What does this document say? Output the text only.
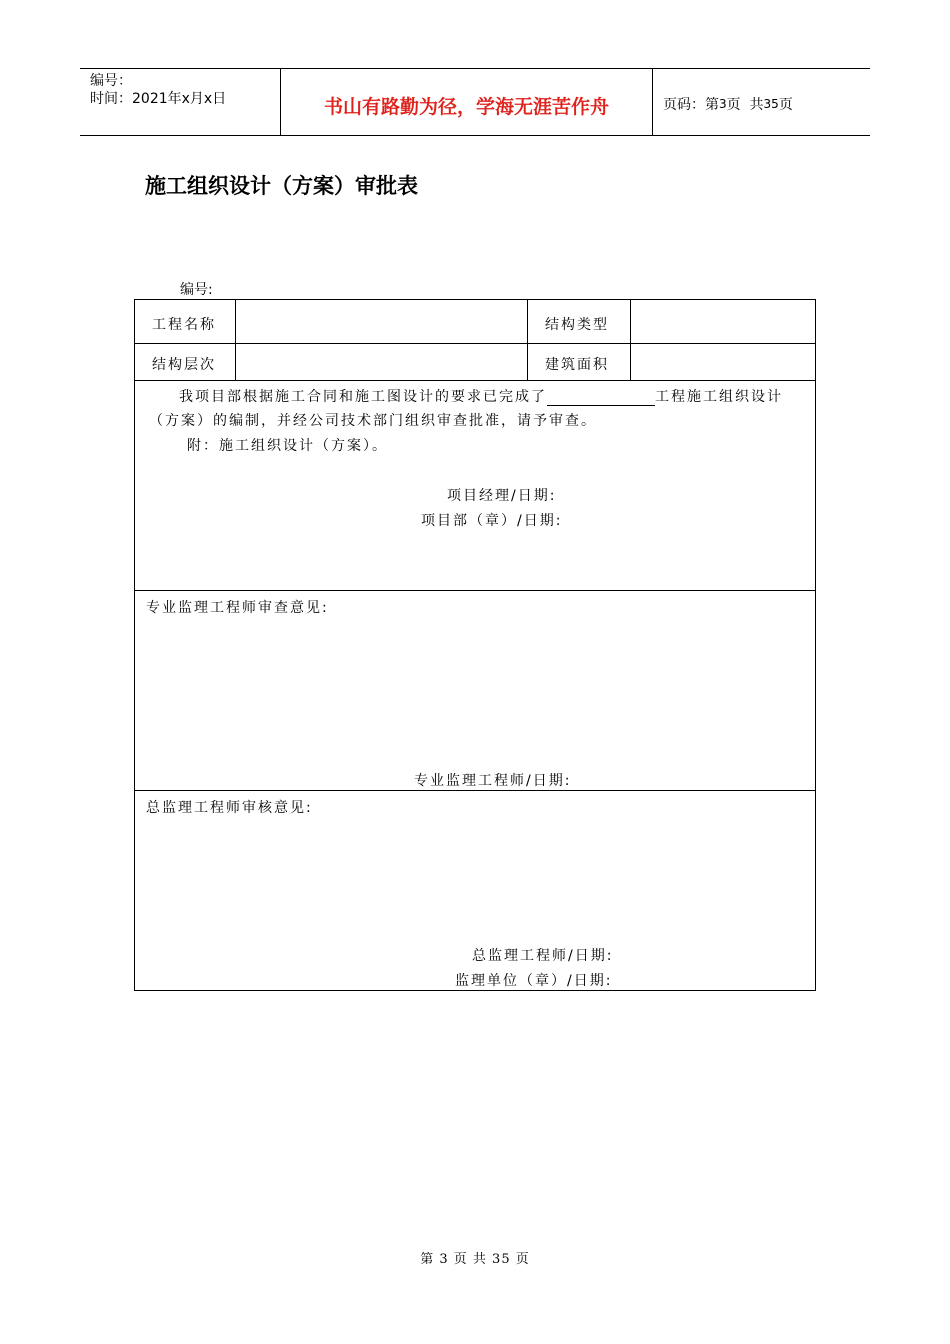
编号：
时间：2021年x月x日	书山有路勤为径，学海无涯苦作舟	页码：第 3 页  共 35 页
施工组织设计（方案）审批表
编号:
工程名称	结构类型
结构层次	建筑面积
我项目部根据施工合同和施工图设计的要求已完成了	工程施工组织设计
（方案）的编制，并经公司技术部门组织审查批准，请予审查。
附：施工组织设计（方案）。
项目经理/日期:
项目部（章）/日期:
专业监理工程师审查意见:
专业监理工程师/日期:
总监理工程师审核意见:
总监理工程师/日期:
监理单位（章）/日期:
第 3 页 共 35 页
